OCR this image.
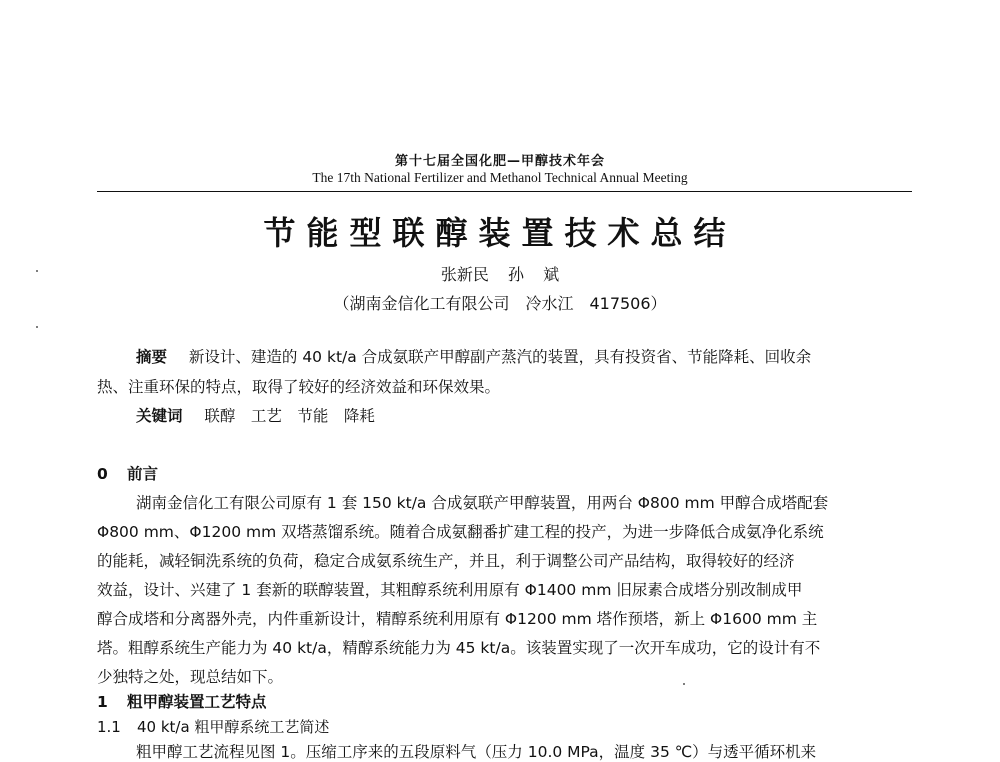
第十七届全国化肥—甲醇技术年会
The 17th National Fertilizer and Methanol Technical Annual Meeting
节能型联醇装置技术总结
张新民 孙 斌
（湖南金信化工有限公司　冷水江　417506）
摘要 新设计、建造的 40 kt/a 合成氨联产甲醇副产蒸汽的装置，具有投资省、节能降耗、回收余
热、注重环保的特点，取得了较好的经济效益和环保效果。
关键词 联醇　工艺　节能　降耗
0 前言
湖南金信化工有限公司原有 1 套 150 kt/a 合成氨联产甲醇装置，用两台 Φ800 mm 甲醇合成塔配套
Φ800 mm、Φ1200 mm 双塔蒸馏系统。随着合成氨翻番扩建工程的投产，为进一步降低合成氨净化系统
的能耗，减轻铜洗系统的负荷，稳定合成氨系统生产，并且，利于调整公司产品结构，取得较好的经济
效益，设计、兴建了 1 套新的联醇装置，其粗醇系统利用原有 Φ1400 mm 旧尿素合成塔分别改制成甲
醇合成塔和分离器外壳，内件重新设计，精醇系统利用原有 Φ1200 mm 塔作预塔，新上 Φ1600 mm 主
塔。粗醇系统生产能力为 40 kt/a，精醇系统能力为 45 kt/a。该装置实现了一次开车成功，它的设计有不
少独特之处，现总结如下。
1 粗甲醇装置工艺特点
1.1 40 kt/a 粗甲醇系统工艺简述
粗甲醇工艺流程见图 1。压缩工序来的五段原料气（压力 10.0 MPa，温度 35 ℃）与透平循环机来
